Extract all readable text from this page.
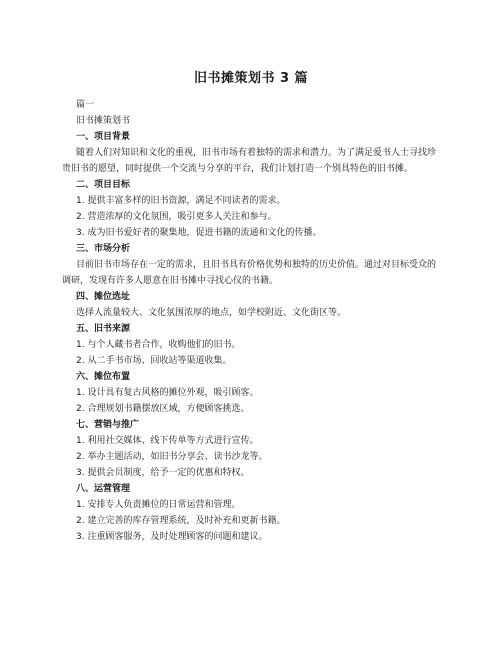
旧书摊策划书 3 篇

篇一

旧书摊策划书

一、项目背景

随着人们对知识和文化的重视，旧书市场有着独特的需求和潜力。为了满足爱书人士寻找珍贵旧书的愿望，同时提供一个交流与分享的平台，我们计划打造一个别具特色的旧书摊。

二、项目目标

1. 提供丰富多样的旧书资源，满足不同读者的需求。

2. 营造浓厚的文化氛围，吸引更多人关注和参与。

3. 成为旧书爱好者的聚集地，促进书籍的流通和文化的传播。

三、市场分析

目前旧书市场存在一定的需求，且旧书具有价格优势和独特的历史价值。通过对目标受众的调研，发现有许多人愿意在旧书摊中寻找心仪的书籍。

四、摊位选址

选择人流量较大、文化氛围浓厚的地点，如学校附近、文化街区等。

五、旧书来源

1. 与个人藏书者合作，收购他们的旧书。

2. 从二手书市场、回收站等渠道收集。

六、摊位布置

1. 设计具有复古风格的摊位外观，吸引顾客。

2. 合理规划书籍摆放区域，方便顾客挑选。

七、营销与推广

1. 利用社交媒体、线下传单等方式进行宣传。

2. 举办主题活动，如旧书分享会、读书沙龙等。

3. 提供会员制度，给予一定的优惠和特权。

八、运营管理

1. 安排专人负责摊位的日常运营和管理。

2. 建立完善的库存管理系统，及时补充和更新书籍。

3. 注重顾客服务，及时处理顾客的问题和建议。
